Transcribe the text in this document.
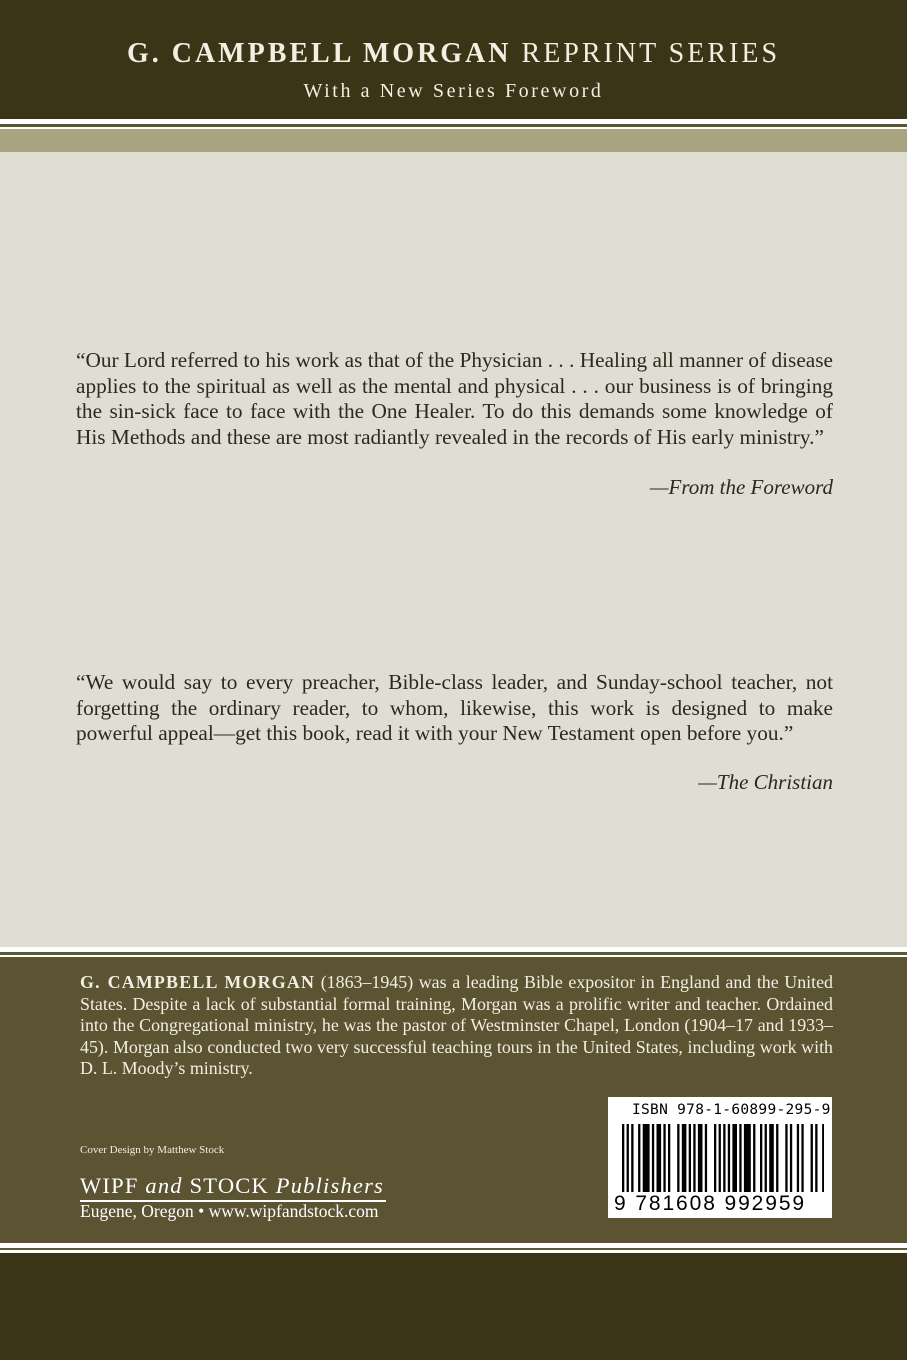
G. CAMPBELL MORGAN REPRINT SERIES
With a New Series Foreword

“Our Lord referred to his work as that of the Physician . . . Healing all manner of disease applies to the spiritual as well as the mental and physical . . . our business is of bringing the sin-sick face to face with the One Healer. To do this demands some knowledge of His Methods and these are most radiantly revealed in the records of His early ministry.”

—From the Foreword

“We would say to every preacher, Bible-class leader, and Sunday-school teacher, not forgetting the ordinary reader, to whom, likewise, this work is designed to make powerful appeal—get this book, read it with your New Testament open before you.”

—The Christian

G. CAMPBELL MORGAN (1863–1945) was a leading Bible expositor in England and the United States. Despite a lack of substantial formal training, Morgan was a prolific writer and teacher. Ordained into the Congregational ministry, he was the pastor of Westminster Chapel, London (1904–17 and 1933–45). Morgan also conducted two very successful teaching tours in the United States, including work with D. L. Moody’s ministry.

Cover Design by Matthew Stock
WIPF and STOCK Publishers
Eugene, Oregon • www.wipfandstock.com
ISBN 978-1-60899-295-9
9 781608 992959
